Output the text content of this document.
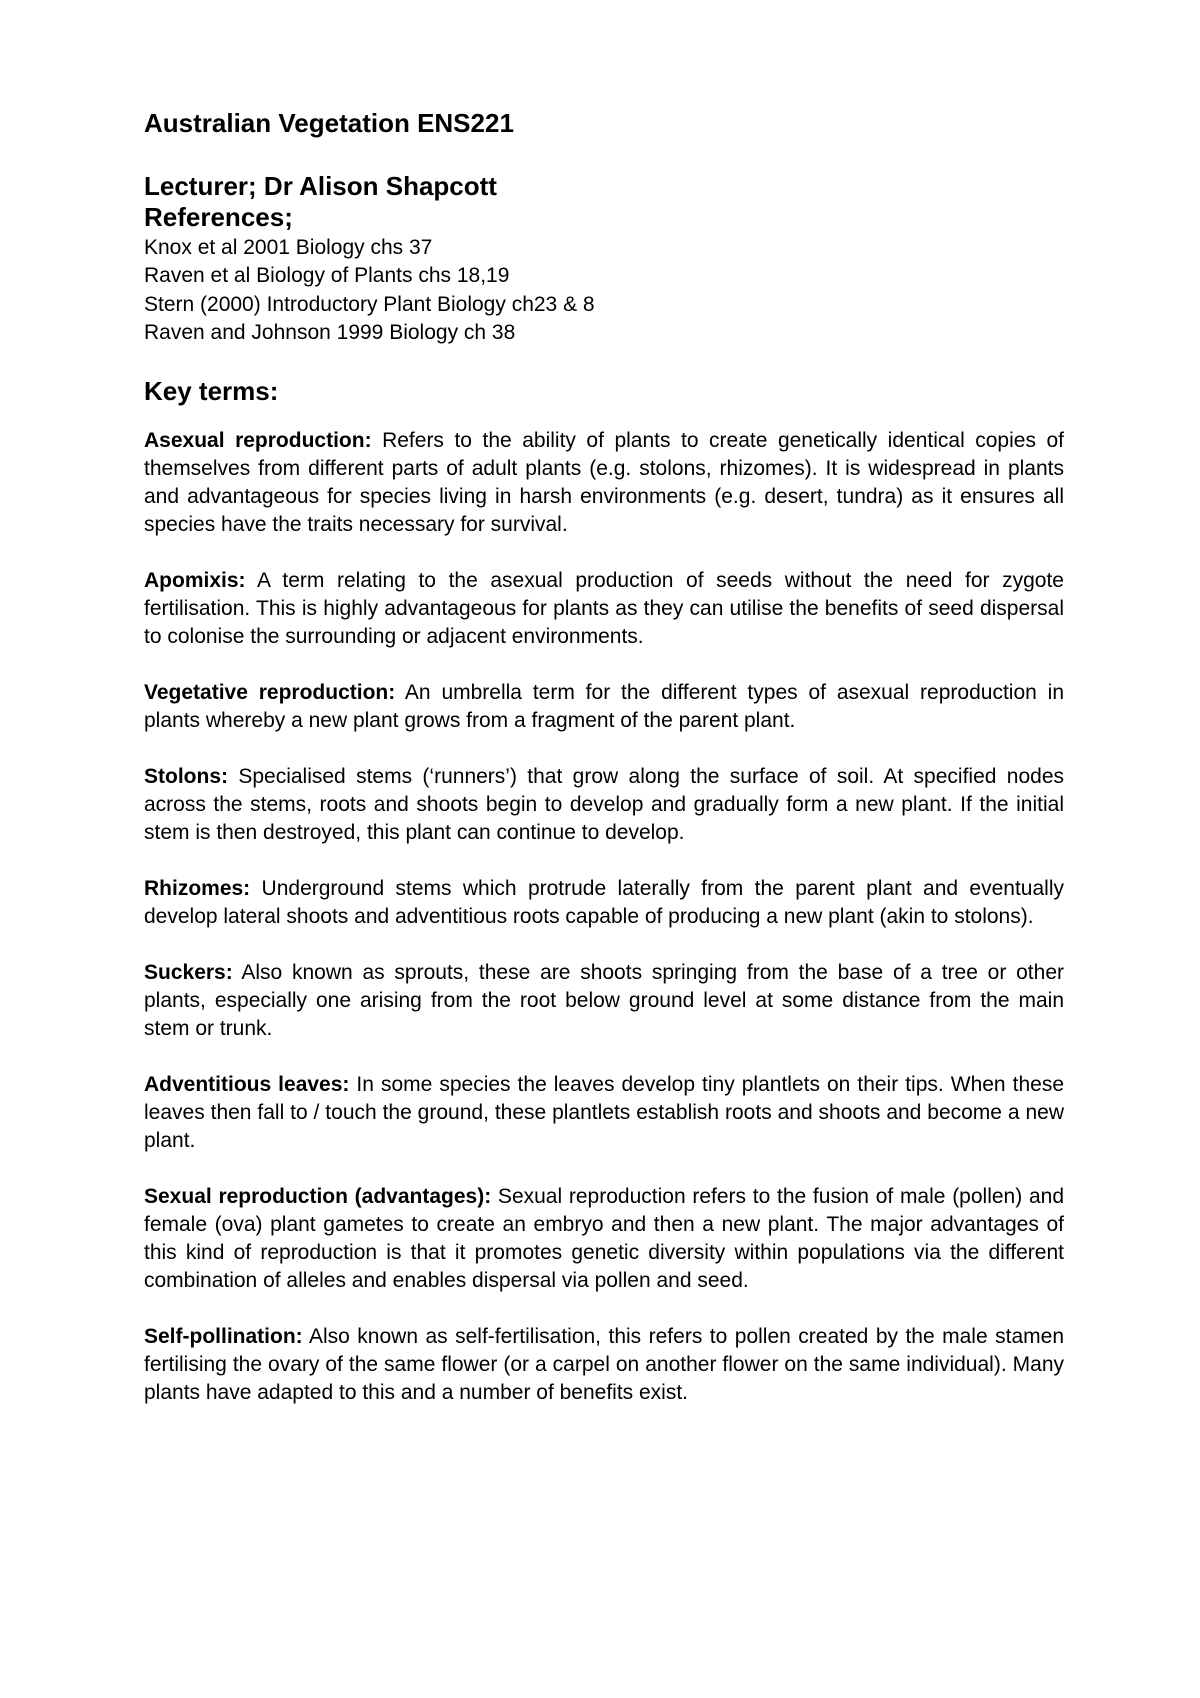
Australian Vegetation ENS221
Lecturer; Dr Alison Shapcott
References;
Knox et al 2001 Biology chs 37
Raven et al Biology of Plants chs 18,19
Stern (2000) Introductory Plant Biology ch23 & 8
Raven and Johnson 1999 Biology ch 38
Key terms:

Asexual reproduction: Refers to the ability of plants to create genetically identical copies of themselves from different parts of adult plants (e.g. stolons, rhizomes). It is widespread in plants and advantageous for species living in harsh environments (e.g. desert, tundra) as it ensures all species have the traits necessary for survival.

Apomixis: A term relating to the asexual production of seeds without the need for zygote fertilisation. This is highly advantageous for plants as they can utilise the benefits of seed dispersal to colonise the surrounding or adjacent environments.

Vegetative reproduction: An umbrella term for the different types of asexual reproduction in plants whereby a new plant grows from a fragment of the parent plant.

Stolons: Specialised stems (‘runners’) that grow along the surface of soil. At specified nodes across the stems, roots and shoots begin to develop and gradually form a new plant. If the initial stem is then destroyed, this plant can continue to develop.

Rhizomes: Underground stems which protrude laterally from the parent plant and eventually develop lateral shoots and adventitious roots capable of producing a new plant (akin to stolons).

Suckers: Also known as sprouts, these are shoots springing from the base of a tree or other plants, especially one arising from the root below ground level at some distance from the main stem or trunk.

Adventitious leaves: In some species the leaves develop tiny plantlets on their tips. When these leaves then fall to / touch the ground, these plantlets establish roots and shoots and become a new plant.

Sexual reproduction (advantages): Sexual reproduction refers to the fusion of male (pollen) and female (ova) plant gametes to create an embryo and then a new plant. The major advantages of this kind of reproduction is that it promotes genetic diversity within populations via the different combination of alleles and enables dispersal via pollen and seed.

Self-pollination: Also known as self-fertilisation, this refers to pollen created by the male stamen fertilising the ovary of the same flower (or a carpel on another flower on the same individual). Many plants have adapted to this and a number of benefits exist.
